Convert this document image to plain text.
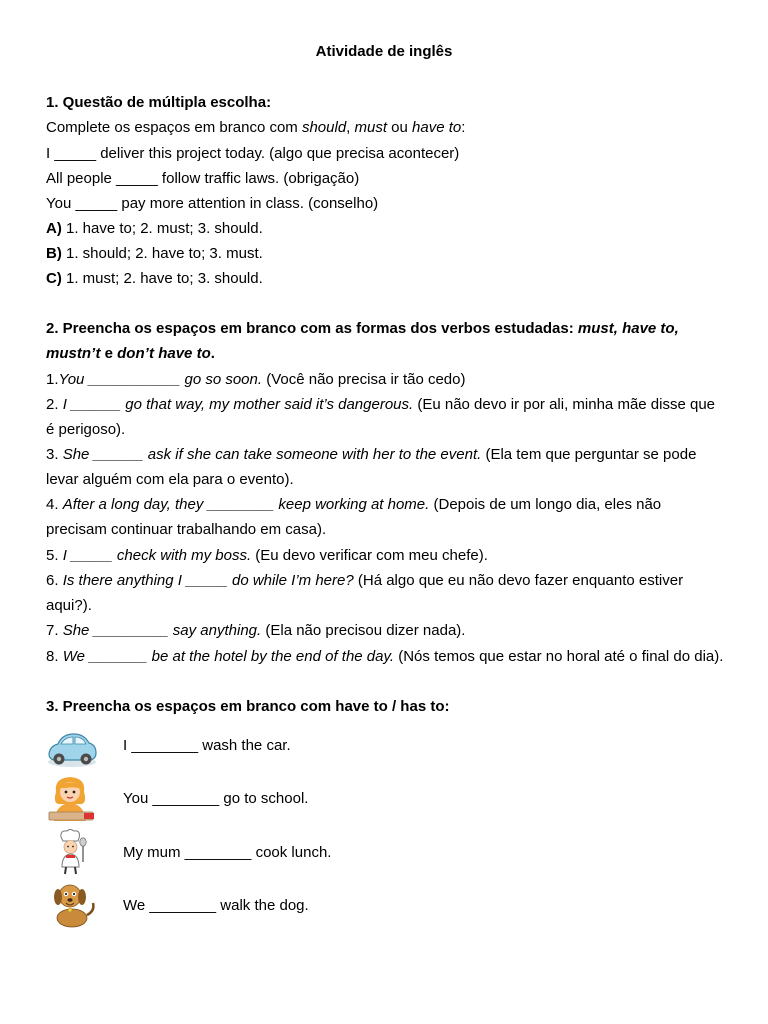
Atividade de inglês
1. Questão de múltipla escolha:
Complete os espaços em branco com should, must ou have to:
I _____ deliver this project today. (algo que precisa acontecer)
All people _____ follow traffic laws. (obrigação)
You _____ pay more attention in class. (conselho)
A) 1. have to; 2. must; 3. should.
B) 1. should; 2. have to; 3. must.
C) 1. must; 2. have to; 3. should.
2. Preencha os espaços em branco com as formas dos verbos estudadas: must, have to, mustn’t e don’t have to.
1.You ___________ go so soon. (Você não precisa ir tão cedo)
2. I ______ go that way, my mother said it’s dangerous. (Eu não devo ir por ali, minha mãe disse que é perigoso).
3. She ______ ask if she can take someone with her to the event. (Ela tem que perguntar se pode levar alguém com ela para o evento).
4. After a long day, they ________ keep working at home. (Depois de um longo dia, eles não precisam continuar trabalhando em casa).
5. I _____ check with my boss. (Eu devo verificar com meu chefe).
6. Is there anything I _____ do while I’m here? (Há algo que eu não devo fazer enquanto estiver aqui?).
7. She _________ say anything. (Ela não precisou dizer nada).
8. We _______ be at the hotel by the end of the day. (Nós temos que estar no horal até o final do dia).
3. Preencha os espaços em branco com have to / has to:
I ________ wash the car.
You ________ go to school.
My mum ________ cook lunch.
We ________ walk the dog.
